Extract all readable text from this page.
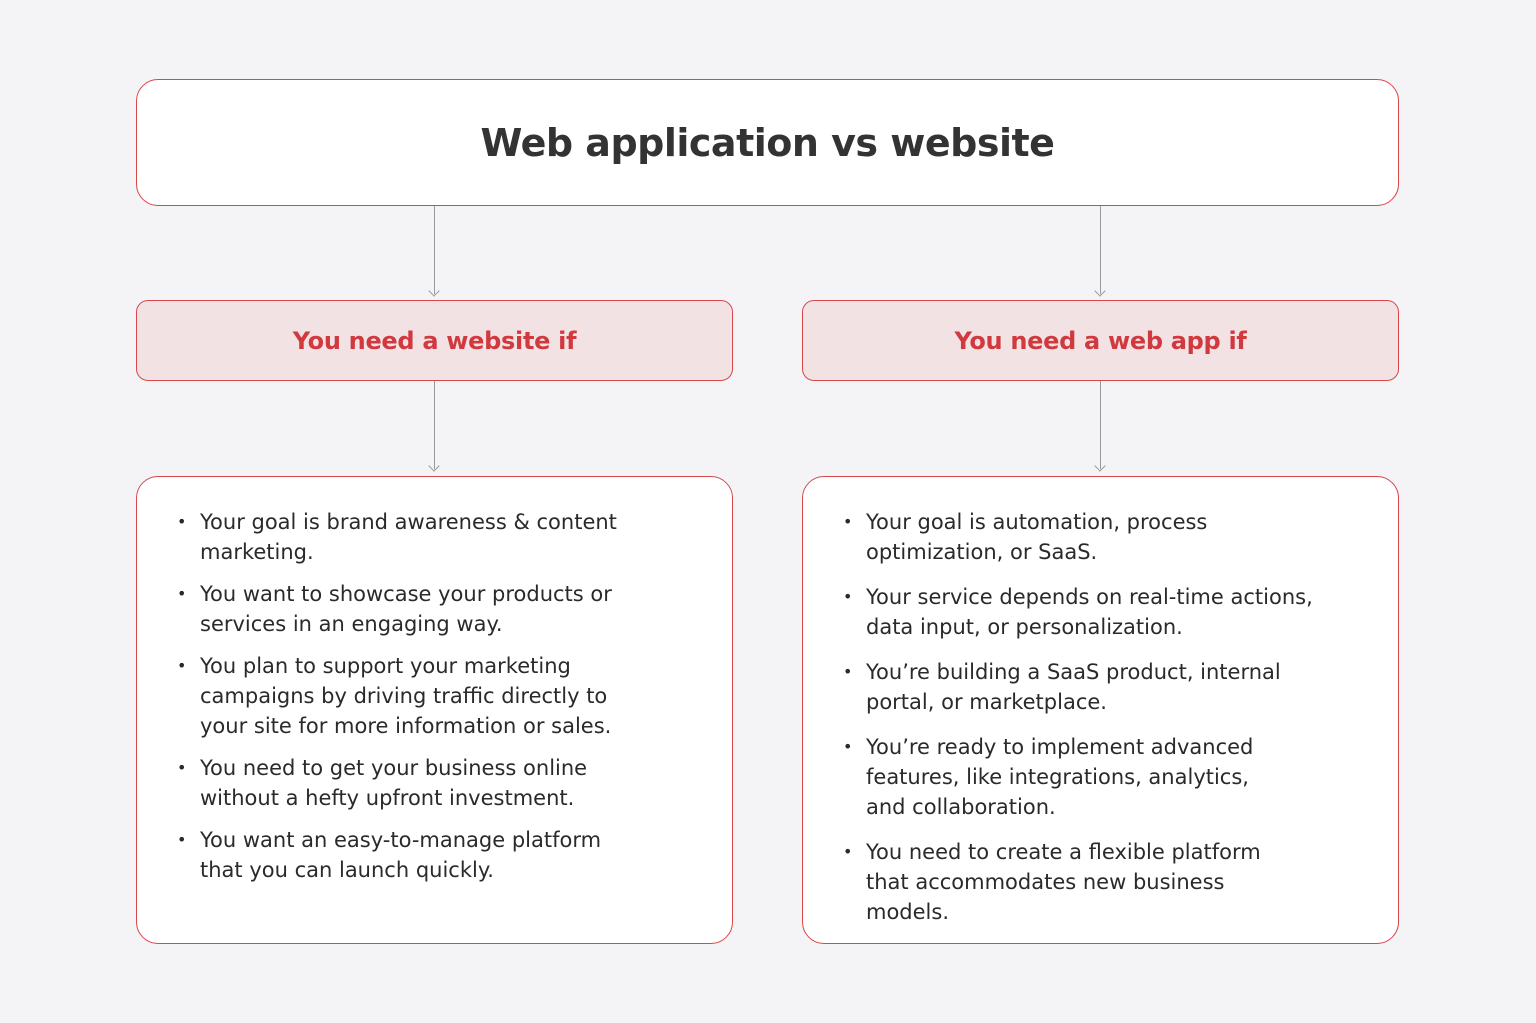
Web application vs website
You need a website if	You need a web app if
• Your goal is brand awareness & content marketing.
• You want to showcase your products or services in an engaging way.
• You plan to support your marketing campaigns by driving traffic directly to your site for more information or sales.
• You need to get your business online without a hefty upfront investment.
• You want an easy-to-manage platform that you can launch quickly.
• Your goal is automation, process optimization, or SaaS.
• Your service depends on real-time actions, data input, or personalization.
• You’re building a SaaS product, internal portal, or marketplace.
• You’re ready to implement advanced features, like integrations, analytics, and collaboration.
• You need to create a flexible platform that accommodates new business models.
